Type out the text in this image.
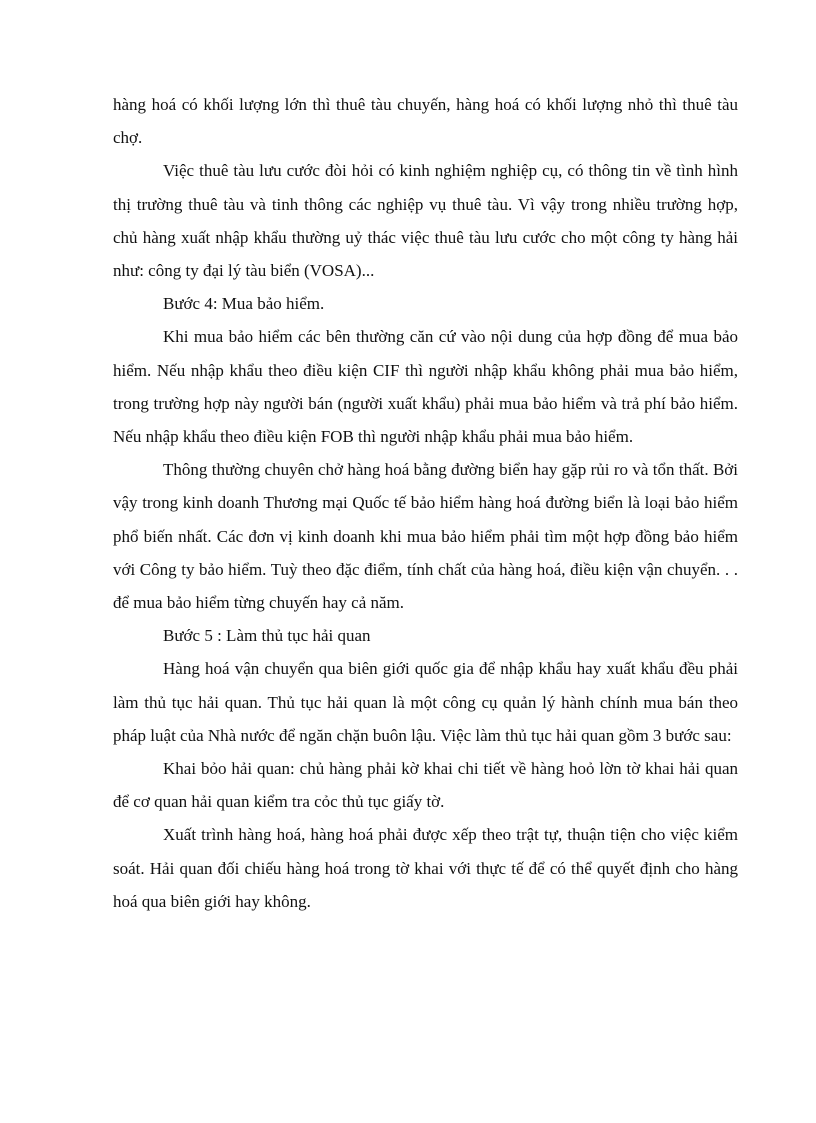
hàng hoá có khối lượng lớn thì thuê tàu chuyến, hàng hoá có khối lượng nhỏ thì thuê tàu chợ.

Việc thuê tàu lưu cước đòi hỏi có kinh nghiệm nghiệp cụ, có thông tin về tình hình thị trường thuê tàu và tinh thông các nghiệp vụ thuê tàu. Vì vậy trong nhiều trường hợp, chủ hàng xuất nhập khẩu thường uỷ thác việc thuê tàu lưu cước cho một công ty hàng hải như: công ty đại lý tàu biển (VOSA)...

Bước 4: Mua bảo hiểm.

Khi mua bảo hiểm các bên thường căn cứ vào nội dung của hợp đồng để mua bảo hiểm. Nếu nhập khẩu theo điều kiện CIF thì người nhập khẩu không phải mua bảo hiểm, trong trường hợp này người bán (người xuất khẩu) phải mua bảo hiểm và trả phí bảo hiểm. Nếu nhập khẩu theo điều kiện FOB thì người nhập khẩu phải mua bảo hiểm.

Thông thường chuyên chở hàng hoá bằng đường biển hay gặp rủi ro và tổn thất. Bởi vậy trong kinh doanh Thương mại Quốc tế bảo hiểm hàng hoá đường biển là loại bảo hiểm phổ biến nhất. Các đơn vị kinh doanh khi mua bảo hiểm phải tìm một hợp đồng bảo hiểm với Công ty bảo hiểm. Tuỳ theo đặc điểm, tính chất của hàng hoá, điều kiện vận chuyển. . . để mua bảo hiểm từng chuyến hay cả năm.

Bước 5 : Làm thủ tục hải quan

Hàng hoá vận chuyển qua biên giới quốc gia để nhập khẩu hay xuất khẩu đều phải làm thủ tục hải quan. Thủ tục hải quan là một công cụ quản lý hành chính mua bán theo pháp luật của Nhà nước để ngăn chặn buôn lậu. Việc làm thủ tục hải quan gồm 3 bước sau:

Khai bỏo hải quan: chủ hàng phải kờ khai chi tiết về hàng hoỏ lờn tờ khai hải quan để cơ quan hải quan kiểm tra cỏc thủ tục giấy tờ.

Xuất trình hàng hoá, hàng hoá phải được xếp theo trật tự, thuận tiện cho việc kiểm soát. Hải quan đối chiếu hàng hoá trong tờ khai với thực tế để có thể quyết định cho hàng hoá qua biên giới hay không.
